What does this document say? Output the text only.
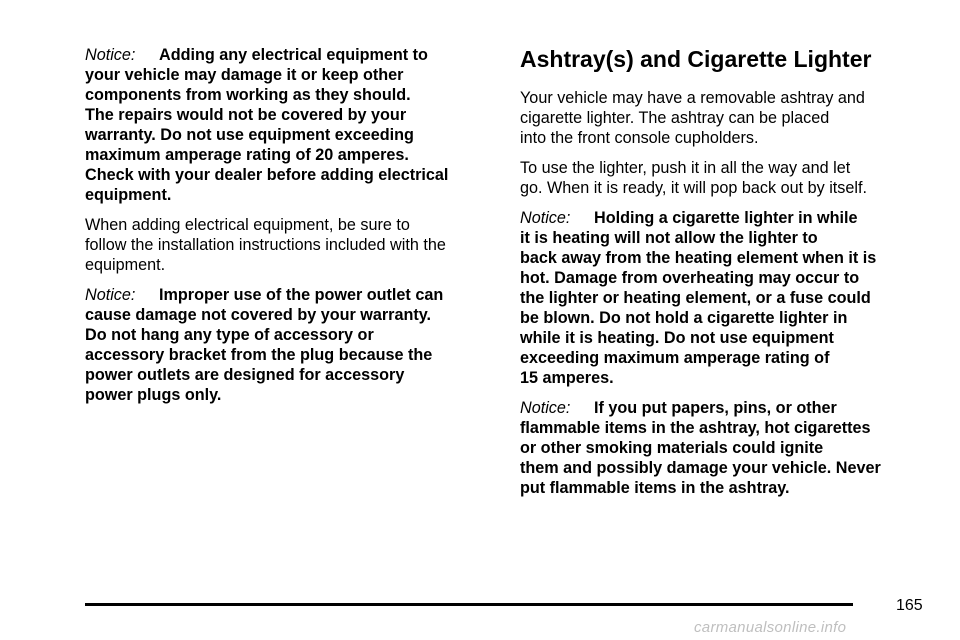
Notice: Adding any electrical equipment to
your vehicle may damage it or keep other
components from working as they should.
The repairs would not be covered by your
warranty. Do not use equipment exceeding
maximum amperage rating of 20 amperes.
Check with your dealer before adding electrical
equipment.
When adding electrical equipment, be sure to
follow the installation instructions included with the
equipment.
Notice: Improper use of the power outlet can
cause damage not covered by your warranty.
Do not hang any type of accessory or
accessory bracket from the plug because the
power outlets are designed for accessory
power plugs only.
Ashtray(s) and Cigarette Lighter
Your vehicle may have a removable ashtray and
cigarette lighter. The ashtray can be placed
into the front console cupholders.
To use the lighter, push it in all the way and let
go. When it is ready, it will pop back out by itself.
Notice: Holding a cigarette lighter in while
it is heating will not allow the lighter to
back away from the heating element when it is
hot. Damage from overheating may occur to
the lighter or heating element, or a fuse could
be blown. Do not hold a cigarette lighter in
while it is heating. Do not use equipment
exceeding maximum amperage rating of
15 amperes.
Notice: If you put papers, pins, or other
flammable items in the ashtray, hot cigarettes
or other smoking materials could ignite
them and possibly damage your vehicle. Never
put flammable items in the ashtray.
165
carmanualsonline.info
